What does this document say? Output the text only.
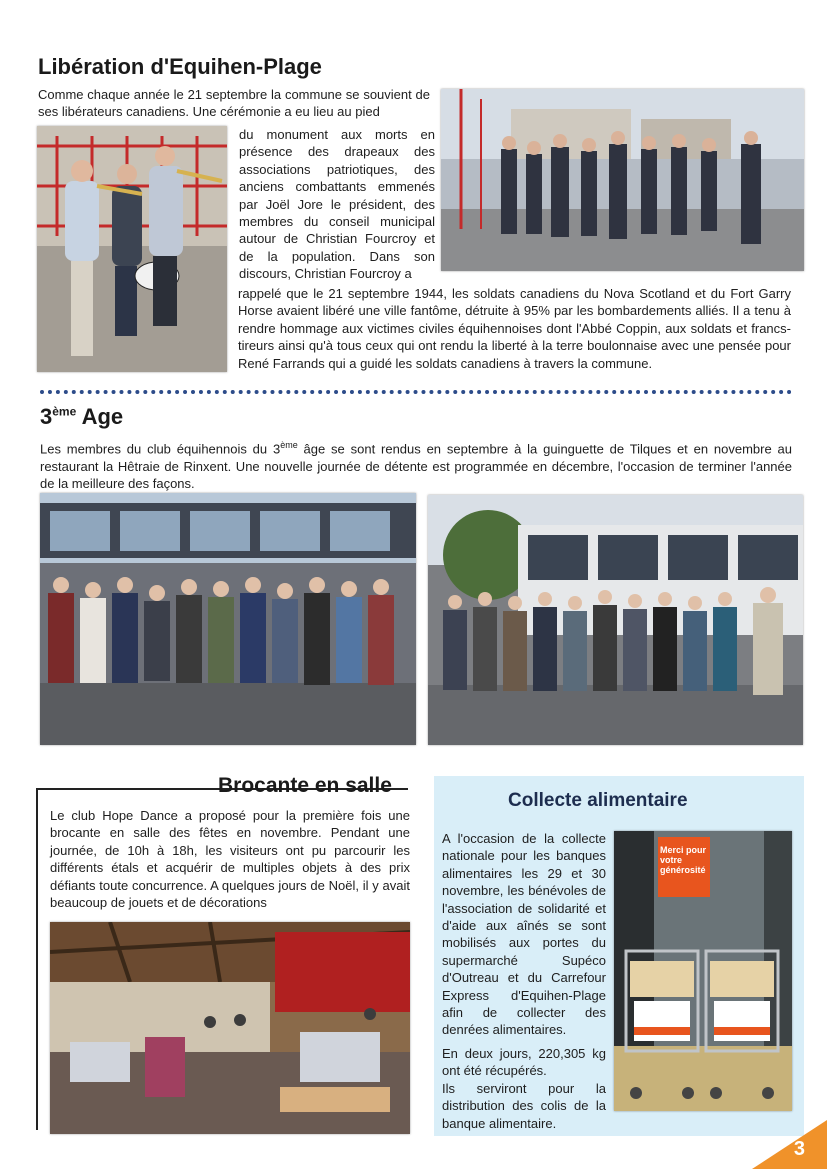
Libération d'Equihen-Plage

Comme chaque année le 21 septembre la commune se souvient de ses libérateurs canadiens. Une cérémonie a eu lieu au pied

du monument aux morts en présence des drapeaux des associations patriotiques, des anciens combattants emmenés par Joël Jore le président, des membres du conseil municipal autour de Christian Fourcroy et de la population. Dans son discours, Christian Fourcroy a

rappelé que le 21 septembre 1944, les soldats canadiens du Nova Scotland et du Fort Garry Horse avaient libéré une ville fantôme, détruite à 95% par les bombardements alliés. Il a tenu à rendre hommage aux victimes civiles équihennoises dont l'Abbé Coppin, aux soldats et francs-tireurs ainsi qu'à tous ceux qui ont rendu la liberté à la terre boulonnaise avec une pensée pour René Farrands qui a guidé les soldats canadiens à travers la commune.

3ème Age

Les membres du club équihennois du 3ème âge se sont rendus en septembre à la guinguette de Tilques et en novembre au restaurant la Hêtraie de Rinxent. Une nouvelle journée de détente est programmée en décembre, l'occasion de terminer l'année de la meilleure des façons.

Brocante en salle

Le club Hope Dance a proposé pour la première fois une brocante en salle des fêtes en novembre. Pendant une journée, de 10h à 18h, les visiteurs ont pu parcourir les différents étals et acquérir de multiples objets à des prix défiants toute concurrence. A quelques jours de Noël, il y avait beaucoup de jouets et de décorations

Collecte alimentaire

A l'occasion de la collecte nationale pour les banques alimentaires les 29 et 30 novembre, les bénévoles de l'association de solidarité et d'aide aux aînés se sont mobilisés aux portes du supermarché Supéco d'Outreau et du Carrefour Express d'Equihen-Plage afin de collecter des denrées alimentaires.

En deux jours, 220,305 kg ont été récupérés.

Ils serviront pour la distribution des colis de la banque alimentaire.

Merci pour votre générosité
3
